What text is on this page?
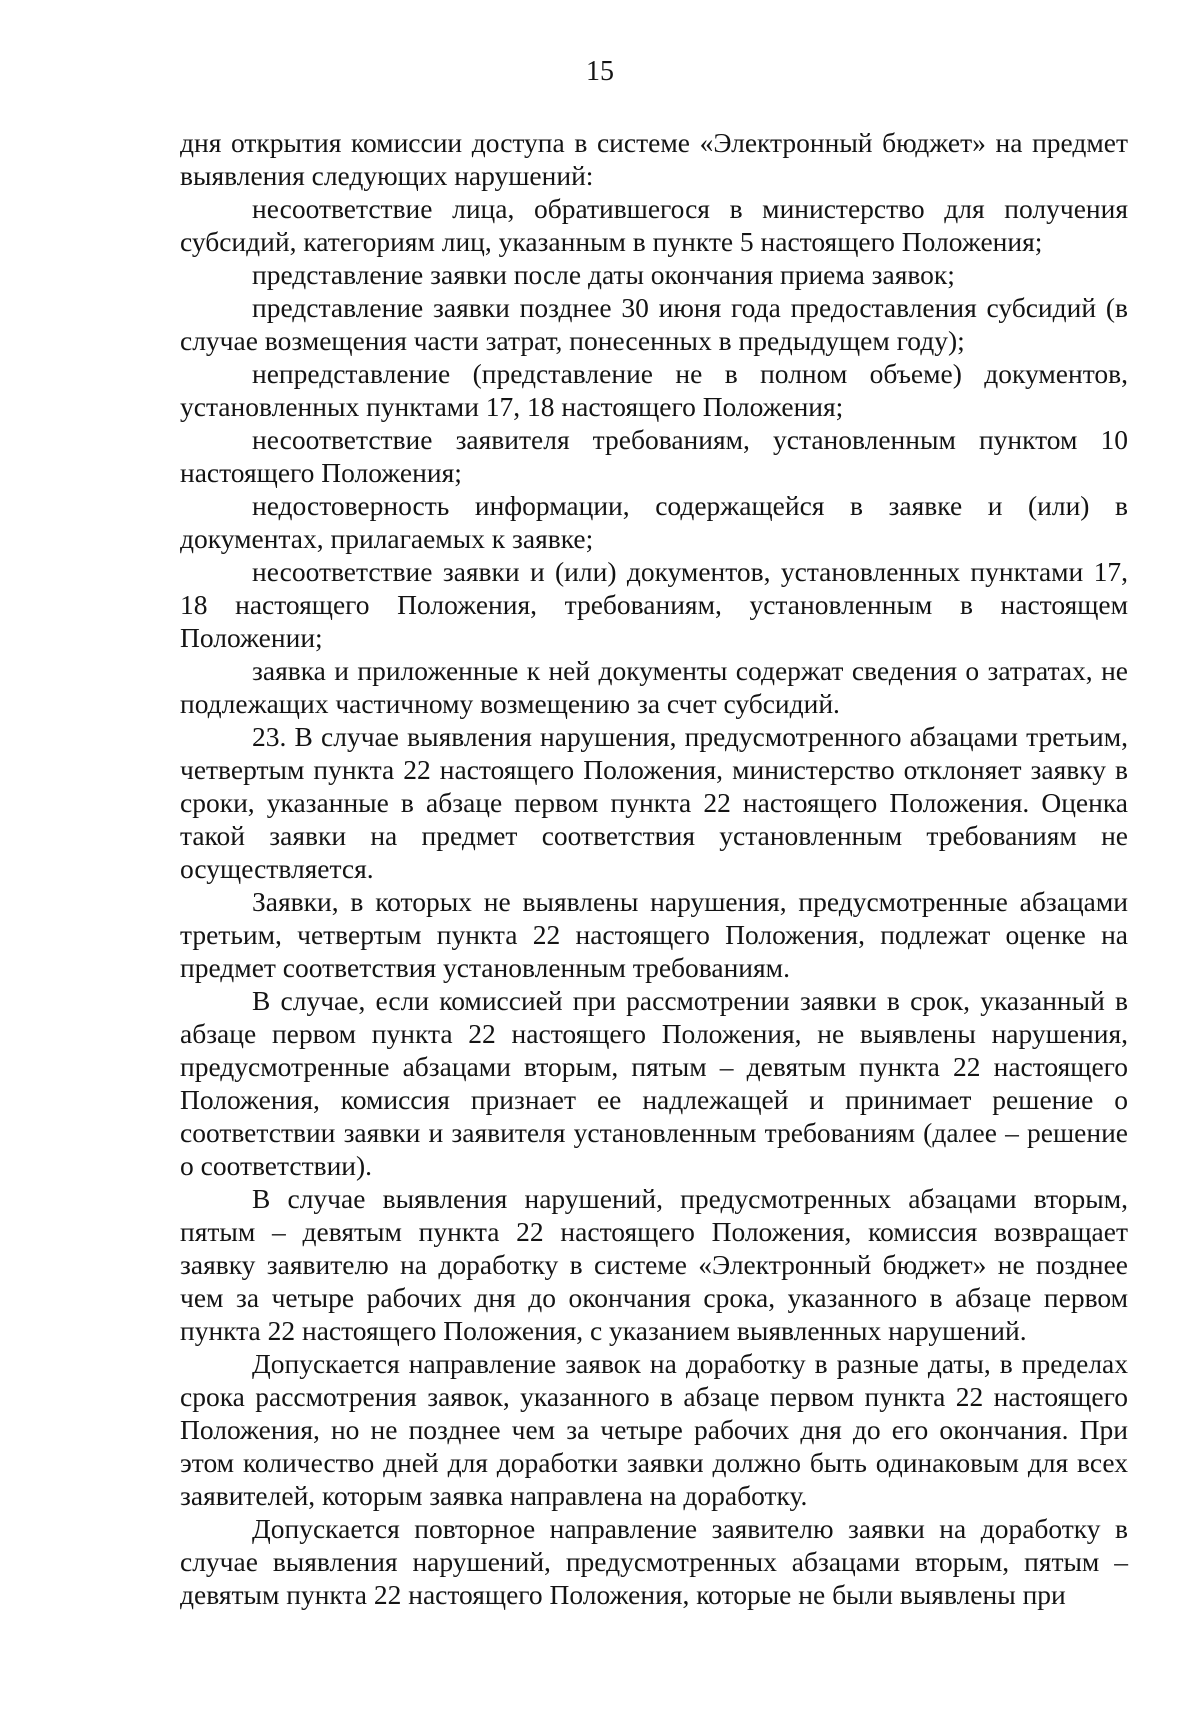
15

дня открытия комиссии доступа в системе «Электронный бюджет» на предмет выявления следующих нарушений:

несоответствие лица, обратившегося в министерство для получения субсидий, категориям лиц, указанным в пункте 5 настоящего Положения;

представление заявки после даты окончания приема заявок;

представление заявки позднее 30 июня года предоставления субсидий (в случае возмещения части затрат, понесенных в предыдущем году);

непредставление (представление не в полном объеме) документов, установленных пунктами 17, 18 настоящего Положения;

несоответствие заявителя требованиям, установленным пунктом 10 настоящего Положения;

недостоверность информации, содержащейся в заявке и (или) в документах, прилагаемых к заявке;

несоответствие заявки и (или) документов, установленных пунктами 17, 18 настоящего Положения, требованиям, установленным в настоящем Положении;

заявка и приложенные к ней документы содержат сведения о затратах, не подлежащих частичному возмещению за счет субсидий.

23. В случае выявления нарушения, предусмотренного абзацами третьим, четвертым пункта 22 настоящего Положения, министерство отклоняет заявку в сроки, указанные в абзаце первом пункта 22 настоящего Положения. Оценка такой заявки на предмет соответствия установленным требованиям не осуществляется.

Заявки, в которых не выявлены нарушения, предусмотренные абзацами третьим, четвертым пункта 22 настоящего Положения, подлежат оценке на предмет соответствия установленным требованиям.

В случае, если комиссией при рассмотрении заявки в срок, указанный в абзаце первом пункта 22 настоящего Положения, не выявлены нарушения, предусмотренные абзацами вторым, пятым – девятым пункта 22 настоящего Положения, комиссия признает ее надлежащей и принимает решение о соответствии заявки и заявителя установленным требованиям (далее – решение о соответствии).

В случае выявления нарушений, предусмотренных абзацами вторым, пятым – девятым пункта 22 настоящего Положения, комиссия возвращает заявку заявителю на доработку в системе «Электронный бюджет» не позднее чем за четыре рабочих дня до окончания срока, указанного в абзаце первом пункта 22 настоящего Положения, с указанием выявленных нарушений.

Допускается направление заявок на доработку в разные даты, в пределах срока рассмотрения заявок, указанного в абзаце первом пункта 22 настоящего Положения, но не позднее чем за четыре рабочих дня до его окончания. При этом количество дней для доработки заявки должно быть одинаковым для всех заявителей, которым заявка направлена на доработку.

Допускается повторное направление заявителю заявки на доработку в случае выявления нарушений, предусмотренных абзацами вторым, пятым – девятым пункта 22 настоящего Положения, которые не были выявлены при
